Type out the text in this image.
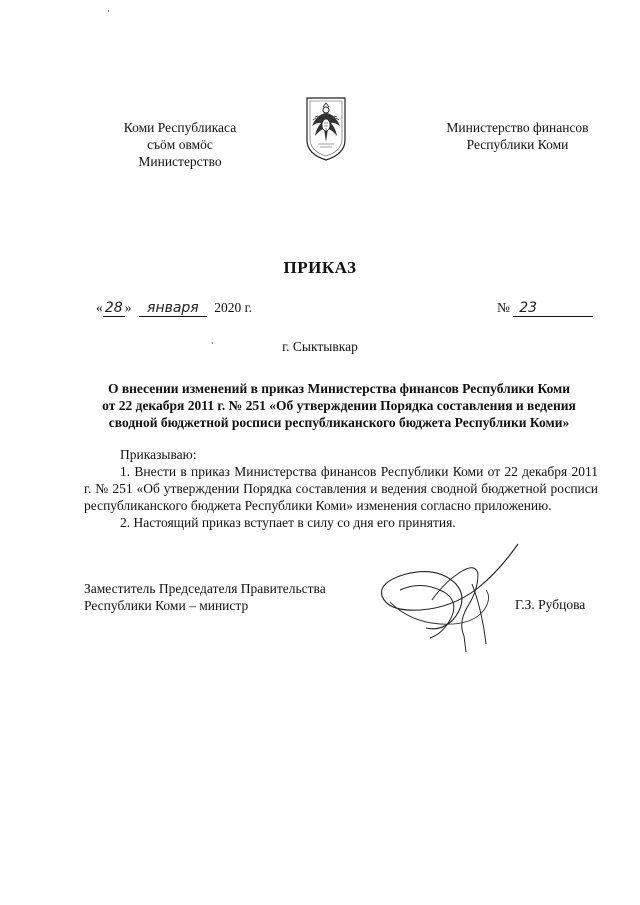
Коми Республикаса
съӧм овмӧс
Министерство
Министерство финансов
Республики Коми
ПРИКАЗ
« 28 » января 2020 г.	№ 23
г. Сыктывкар
О внесении изменений в приказ Министерства финансов Республики Коми
от 22 декабря 2011 г. № 251 «Об утверждении Порядка составления и ведения
сводной бюджетной росписи республиканского бюджета Республики Коми»

Приказываю:

1. Внести в приказ Министерства финансов Республики Коми от 22 декабря 2011 г. № 251 «Об утверждении Порядка составления и ведения сводной бюджетной росписи республиканского бюджета Республики Коми» изменения согласно приложению.

2. Настоящий приказ вступает в силу со дня его принятия.

Заместитель Председателя Правительства
Республики Коми – министр	Г.З. Рубцова
